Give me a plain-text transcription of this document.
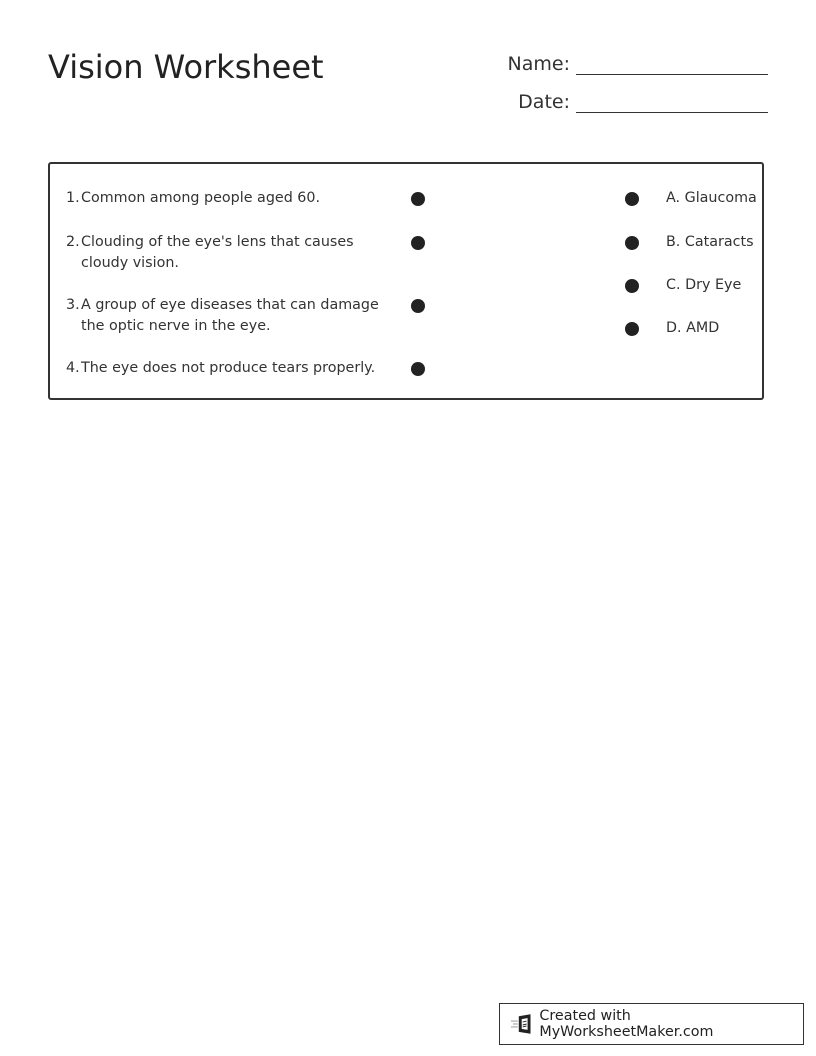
Vision Worksheet	Name:
Date:
1. Common among people aged 60.
2. Clouding of the eye's lens that causes cloudy vision.
3. A group of eye diseases that can damage the optic nerve in the eye.
4. The eye does not produce tears properly.
A. Glaucoma
B. Cataracts
C. Dry Eye
D. AMD
Created with MyWorksheetMaker.com
